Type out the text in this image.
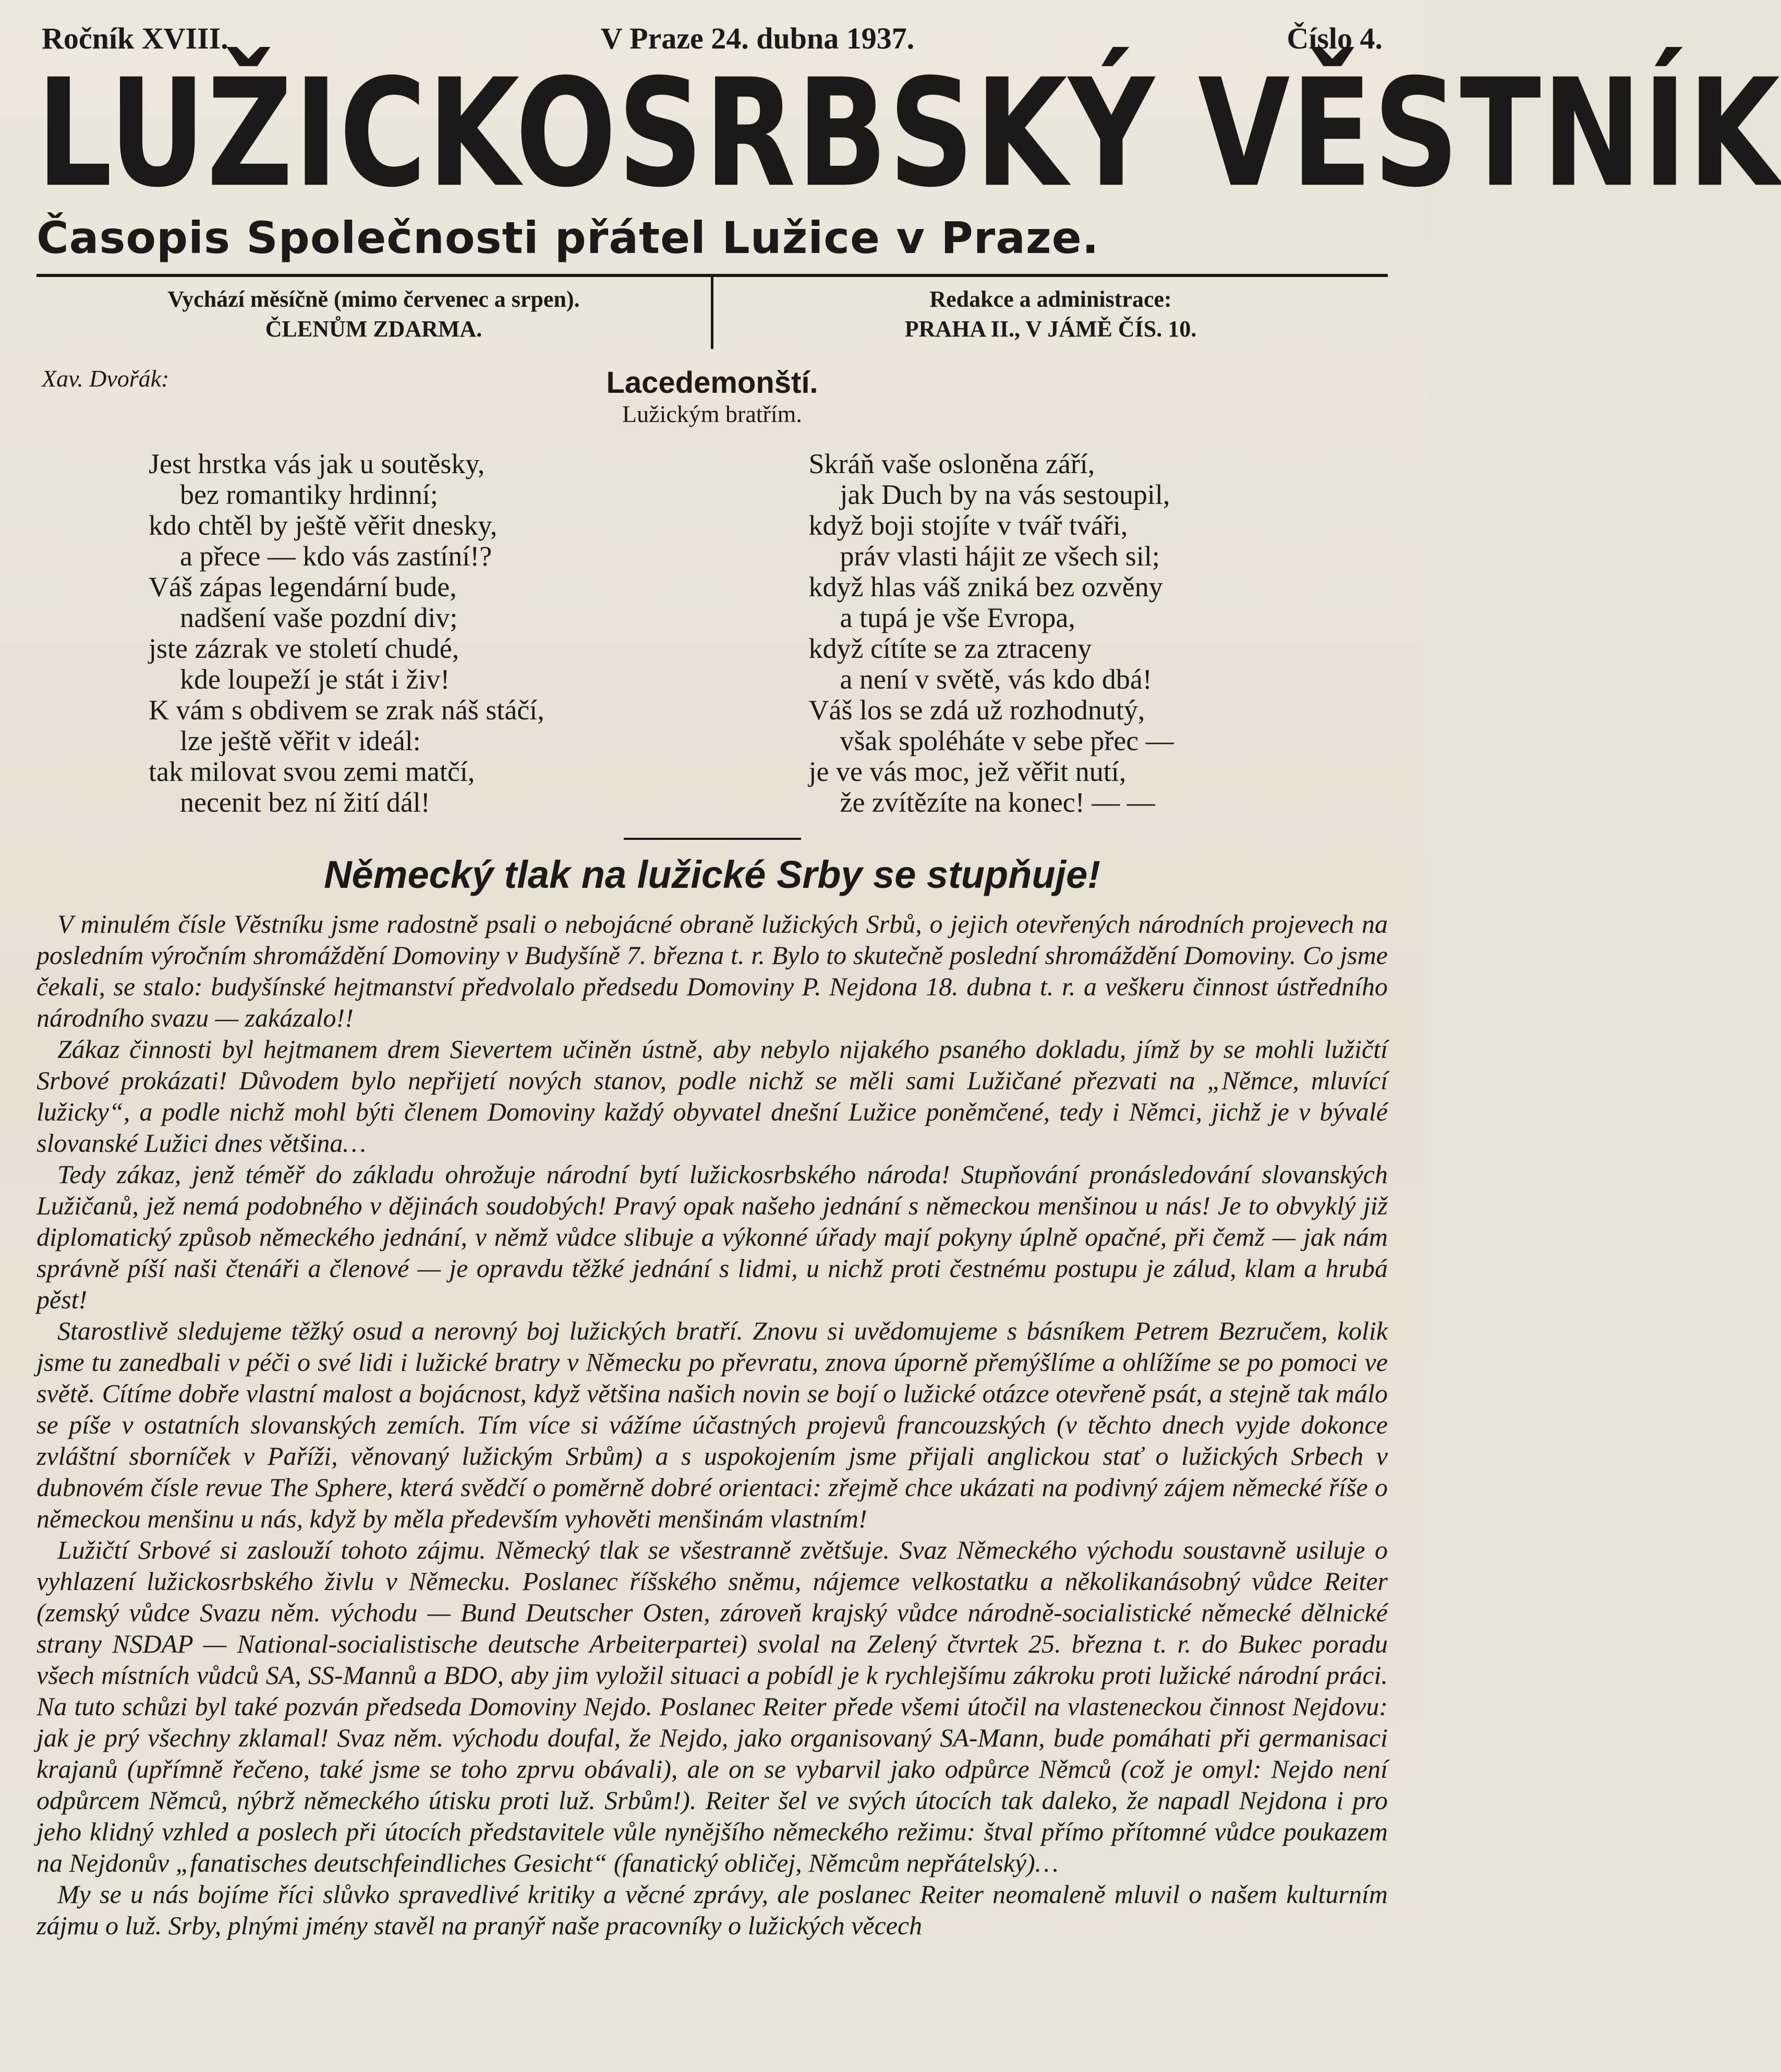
Ročník XVIII.	V Praze 24. dubna 1937.	Číslo 4.
LUŽICKOSRBSKÝ VĚSTNÍK
Časopis Společnosti přátel Lužice v Praze.
Vychází měsíčně (mimo červenec a srpen).
ČLENŮM ZDARMA.
Redakce a administrace:
PRAHA II., V JÁMĚ ČÍS. 10.
Xav. Dvořák:	Lacedemonští.
Lužickým bratřím.
Jest hrstka vás jak u soutěsky,
bez romantiky hrdinní;
kdo chtěl by ještě věřit dnesky,
a přece — kdo vás zastíní!?
Váš zápas legendární bude,
nadšení vaše pozdní div;
jste zázrak ve století chudé,
kde loupeží je stát i živ!
K vám s obdivem se zrak náš stáčí,
lze ještě věřit v ideál:
tak milovat svou zemi matčí,
necenit bez ní žití dál!
Skráň vaše osloněna září,
jak Duch by na vás sestoupil,
když boji stojíte v tvář tváři,
práv vlasti hájit ze všech sil;
když hlas váš zniká bez ozvěny
a tupá je vše Evropa,
když cítíte se za ztraceny
a není v světě, vás kdo dbá!
Váš los se zdá už rozhodnutý,
však spoléháte v sebe přec —
je ve vás moc, jež věřit nutí,
že zvítězíte na konec! — —
Německý tlak na lužické Srby se stupňuje!

V minulém čísle Věstníku jsme radostně psali o nebojácné obraně lužických Srbů, o jejich otevřených národních projevech na posledním výročním shromáždění Domoviny v Budyšíně 7. března t. r. Bylo to skutečně poslední shromáždění Domoviny. Co jsme čekali, se stalo: budyšínské hejtmanství předvolalo předsedu Domoviny P. Nejdona 18. dubna t. r. a veškeru činnost ústředního národního svazu — zakázalo!!

Zákaz činnosti byl hejtmanem drem Sievertem učiněn ústně, aby nebylo nijakého psaného dokladu, jímž by se mohli lužičtí Srbové prokázati! Důvodem bylo nepřijetí nových stanov, podle nichž se měli sami Lužičané přezvati na „Němce, mluvící lužicky“, a podle nichž mohl býti členem Domoviny každý obyvatel dnešní Lužice poněmčené, tedy i Němci, jichž je v bývalé slovanské Lužici dnes většina…

Tedy zákaz, jenž téměř do základu ohrožuje národní bytí lužickosrbského národa! Stupňování pronásledování slovanských Lužičanů, jež nemá podobného v dějinách soudobých! Pravý opak našeho jednání s německou menšinou u nás! Je to obvyklý již diplomatický způsob německého jednání, v němž vůdce slibuje a výkonné úřady mají pokyny úplně opačné, při čemž — jak nám správně píší naši čtenáři a členové — je opravdu těžké jednání s lidmi, u nichž proti čestnému postupu je zálud, klam a hrubá pěst!

Starostlivě sledujeme těžký osud a nerovný boj lužických bratří. Znovu si uvědomujeme s básníkem Petrem Bezručem, kolik jsme tu zanedbali v péči o své lidi i lužické bratry v Německu po převratu, znova úporně přemýšlíme a ohlížíme se po pomoci ve světě. Cítíme dobře vlastní malost a bojácnost, když většina našich novin se bojí o lužické otázce otevřeně psát, a stejně tak málo se píše v ostatních slovanských zemích. Tím více si vážíme účastných projevů francouzských (v těchto dnech vyjde dokonce zvláštní sborníček v Paříži, věnovaný lužickým Srbům) a s uspokojením jsme přijali anglickou stať o lužických Srbech v dubnovém čísle revue The Sphere, která svědčí o poměrně dobré orientaci: zřejmě chce ukázati na podivný zájem německé říše o německou menšinu u nás, když by měla především vyhověti menšinám vlastním!

Lužičtí Srbové si zaslouží tohoto zájmu. Německý tlak se všestranně zvětšuje. Svaz Německého východu soustavně usiluje o vyhlazení lužickosrbského živlu v Německu. Poslanec říšského sněmu, nájemce velkostatku a několikanásobný vůdce Reiter (zemský vůdce Svazu něm. východu — Bund Deutscher Osten, zároveň krajský vůdce národně-socialistické německé dělnické strany NSDAP — National-socialistische deutsche Arbeiterpartei) svolal na Zelený čtvrtek 25. března t. r. do Bukec poradu všech místních vůdců SA, SS-Mannů a BDO, aby jim vyložil situaci a pobídl je k rychlejšímu zákroku proti lužické národní práci. Na tuto schůzi byl také pozván předseda Domoviny Nejdo. Poslanec Reiter přede všemi útočil na vlasteneckou činnost Nejdovu: jak je prý všechny zklamal! Svaz něm. východu doufal, že Nejdo, jako organisovaný SA-Mann, bude pomáhati při germanisaci krajanů (upřímně řečeno, také jsme se toho zprvu obávali), ale on se vybarvil jako odpůrce Němců (což je omyl: Nejdo není odpůrcem Němců, nýbrž německého útisku proti luž. Srbům!). Reiter šel ve svých útocích tak daleko, že napadl Nejdona i pro jeho klidný vzhled a poslech při útocích představitele vůle nynějšího německého režimu: štval přímo přítomné vůdce poukazem na Nejdonův „fanatisches deutschfeindliches Gesicht“ (fanatický obličej, Němcům nepřátelský)…

My se u nás bojíme říci slůvko spravedlivé kritiky a věcné zprávy, ale poslanec Reiter neomaleně mluvil o našem kulturním zájmu o luž. Srby, plnými jmény stavěl na pranýř naše pracovníky o lužických věcech
